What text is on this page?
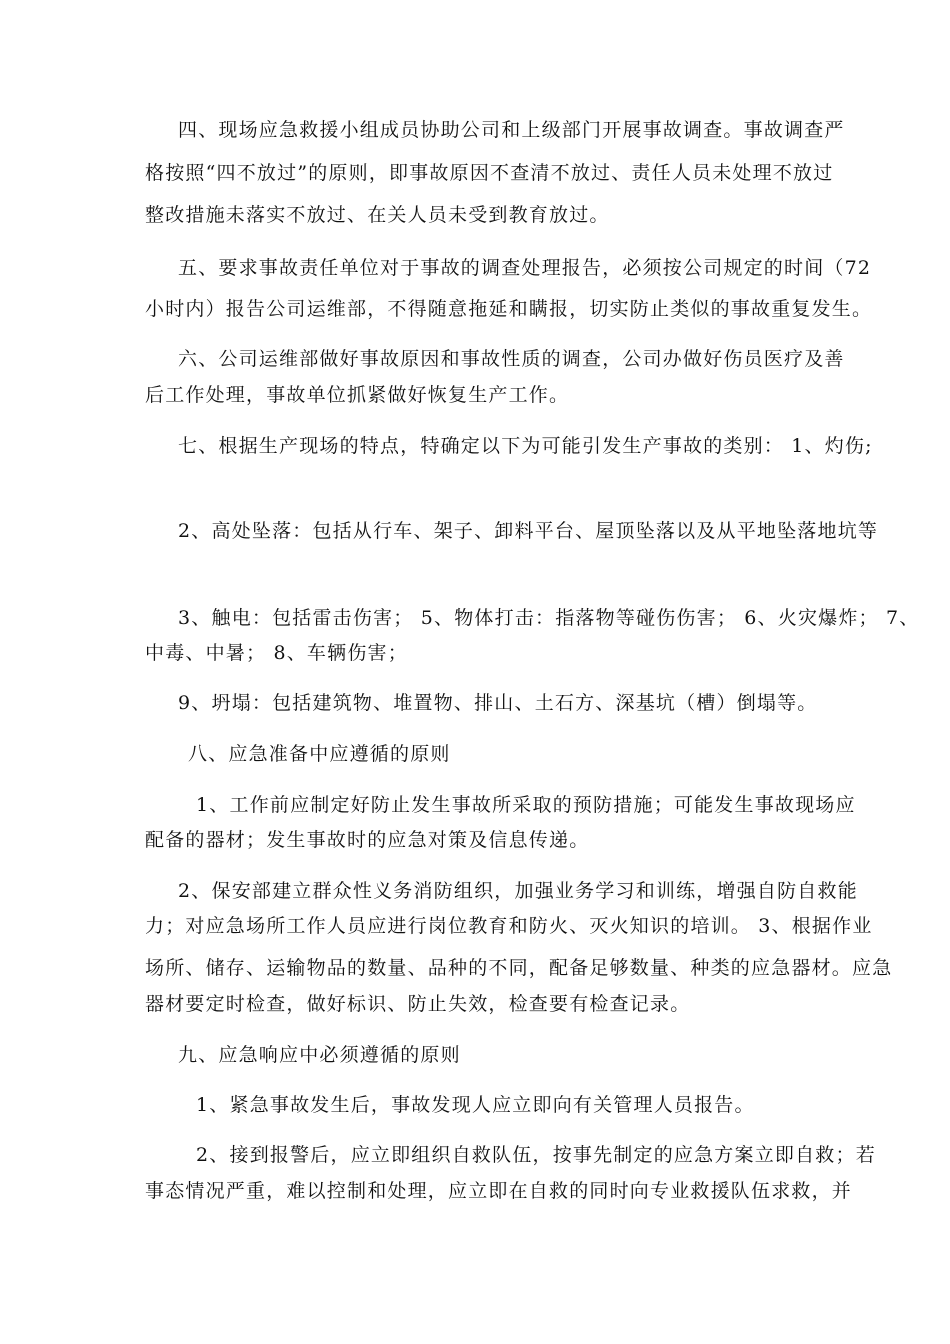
四、现场应急救援小组成员协助公司和上级部门开展事故调查。事故调查严
格按照“四不放过”的原则，即事故原因不查清不放过、责任人员未处理不放过
整改措施未落实不放过、在关人员未受到教育放过。
五、要求事故责任单位对于事故的调查处理报告，必须按公司规定的时间（72
小时内）报告公司运维部，不得随意拖延和瞒报，切实防止类似的事故重复发生。
六、公司运维部做好事故原因和事故性质的调查，公司办做好伤员医疗及善
后工作处理，事故单位抓紧做好恢复生产工作。
七、根据生产现场的特点，特确定以下为可能引发生产事故的类别： 1、灼伤;
2、高处坠落：包括从行车、架子、卸料平台、屋顶坠落以及从平地坠落地坑等
3、触电：包括雷击伤害； 5、物体打击：指落物等碰伤伤害； 6、火灾爆炸； 7、
中毒、中暑； 8、车辆伤害；
9、坍塌：包括建筑物、堆置物、排山、土石方、深基坑（槽）倒塌等。
八、应急准备中应遵循的原则
1、工作前应制定好防止发生事故所采取的预防措施；可能发生事故现场应
配备的器材；发生事故时的应急对策及信息传递。
2、保安部建立群众性义务消防组织，加强业务学习和训练，增强自防自救能
力；对应急场所工作人员应进行岗位教育和防火、灭火知识的培训。 3、根据作业
场所、储存、运输物品的数量、品种的不同，配备足够数量、种类的应急器材。应急
器材要定时检查，做好标识、防止失效，检查要有检查记录。
九、应急响应中必须遵循的原则
1、紧急事故发生后，事故发现人应立即向有关管理人员报告。
2、接到报警后，应立即组织自救队伍，按事先制定的应急方案立即自救；若
事态情况严重，难以控制和处理，应立即在自救的同时向专业救援队伍求救，并
